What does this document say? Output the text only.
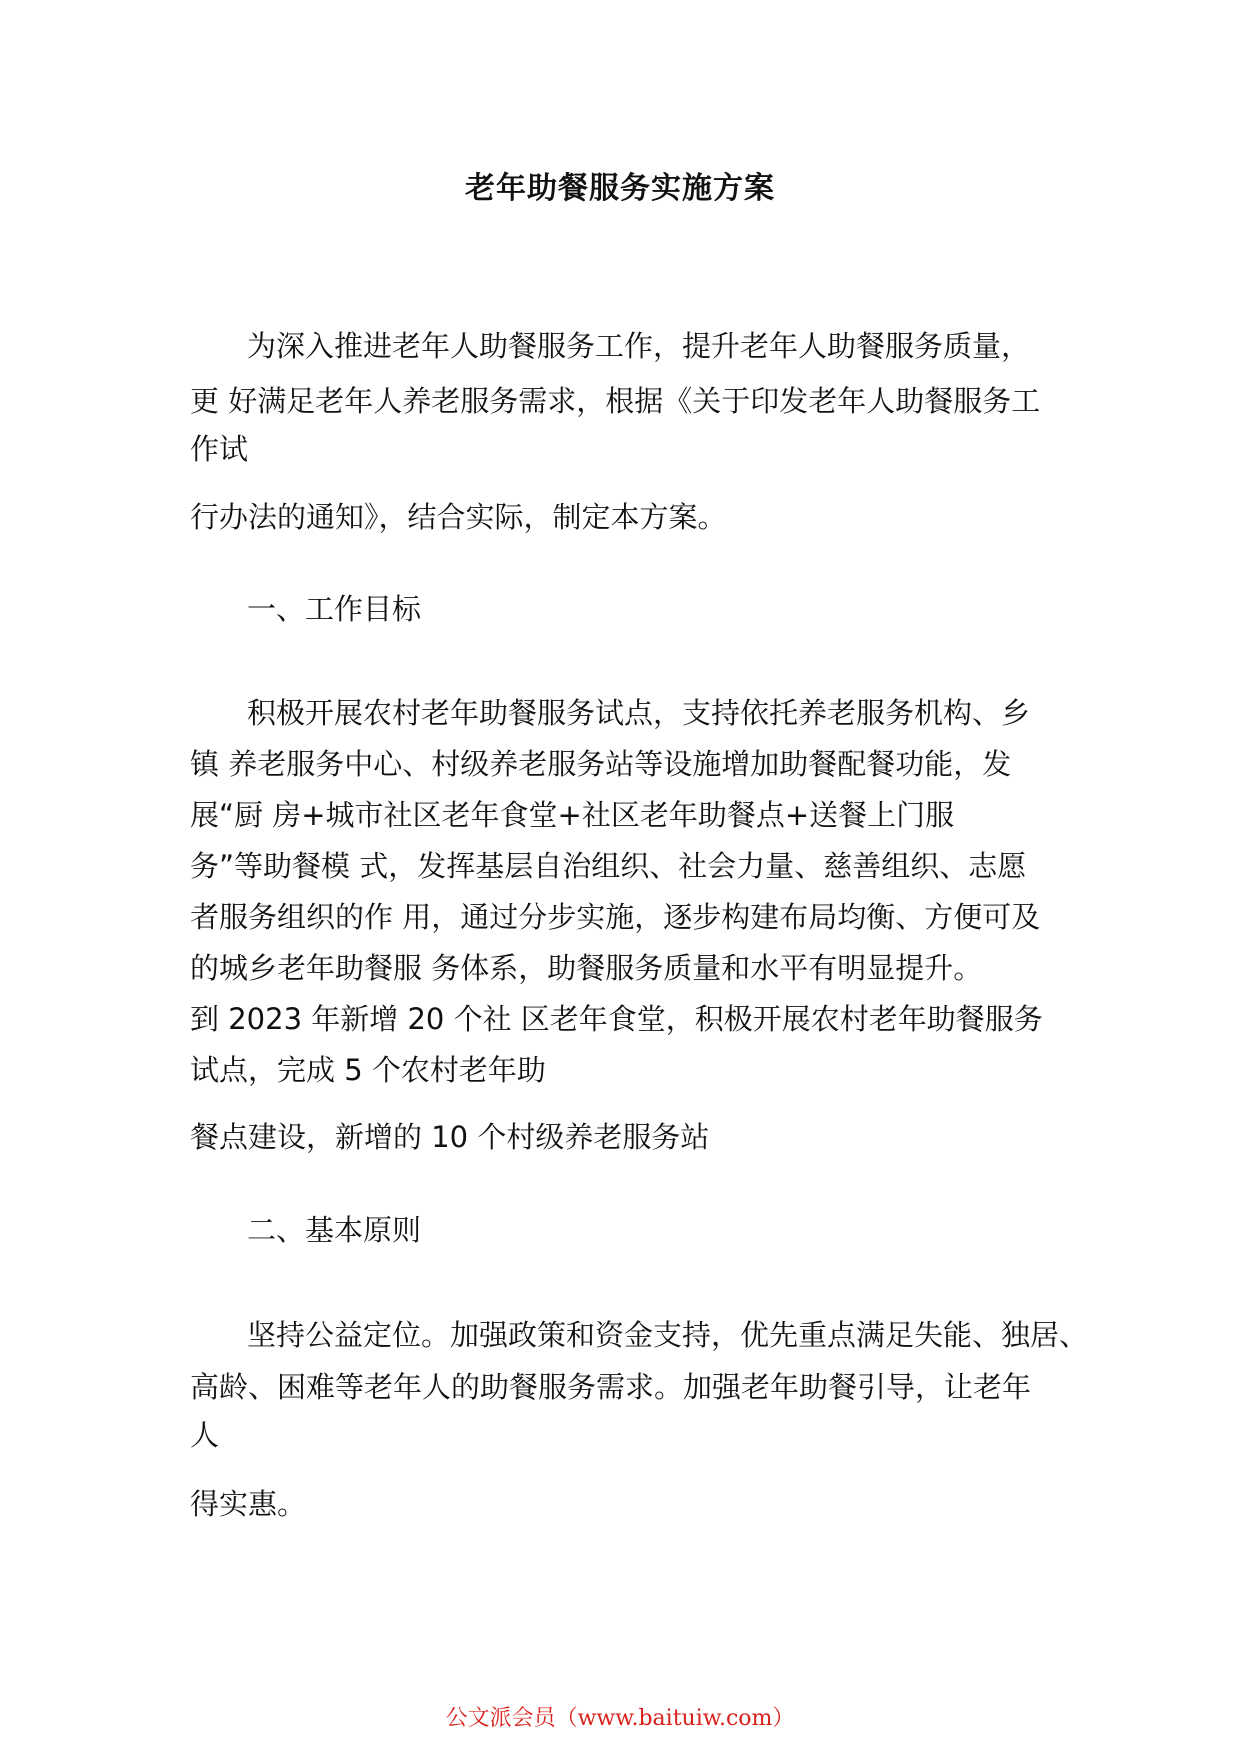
老年助餐服务实施方案
为深入推进老年人助餐服务工作，提升老年人助餐服务质量，
更 好满足老年人养老服务需求，根据《关于印发老年人助餐服务工
作试
行办法的通知》，结合实际，制定本方案。
一、工作目标
积极开展农村老年助餐服务试点，支持依托养老服务机构、乡
镇 养老服务中心、村级养老服务站等设施增加助餐配餐功能，发
展“厨 房+城市社区老年食堂+社区老年助餐点+送餐上门服
务”等助餐模 式，发挥基层自治组织、社会力量、慈善组织、志愿
者服务组织的作 用，通过分步实施，逐步构建布局均衡、方便可及
的城乡老年助餐服 务体系，助餐服务质量和水平有明显提升。
到 2023 年新增 20 个社 区老年食堂，积极开展农村老年助餐服务
试点，完成 5 个农村老年助
餐点建设，新增的 10 个村级养老服务站
二、基本原则
坚持公益定位。加强政策和资金支持，优先重点满足失能、独居、
高龄、困难等老年人的助餐服务需求。加强老年助餐引导，让老年
人
得实惠。
公文派会员（www.baituiw.com）
